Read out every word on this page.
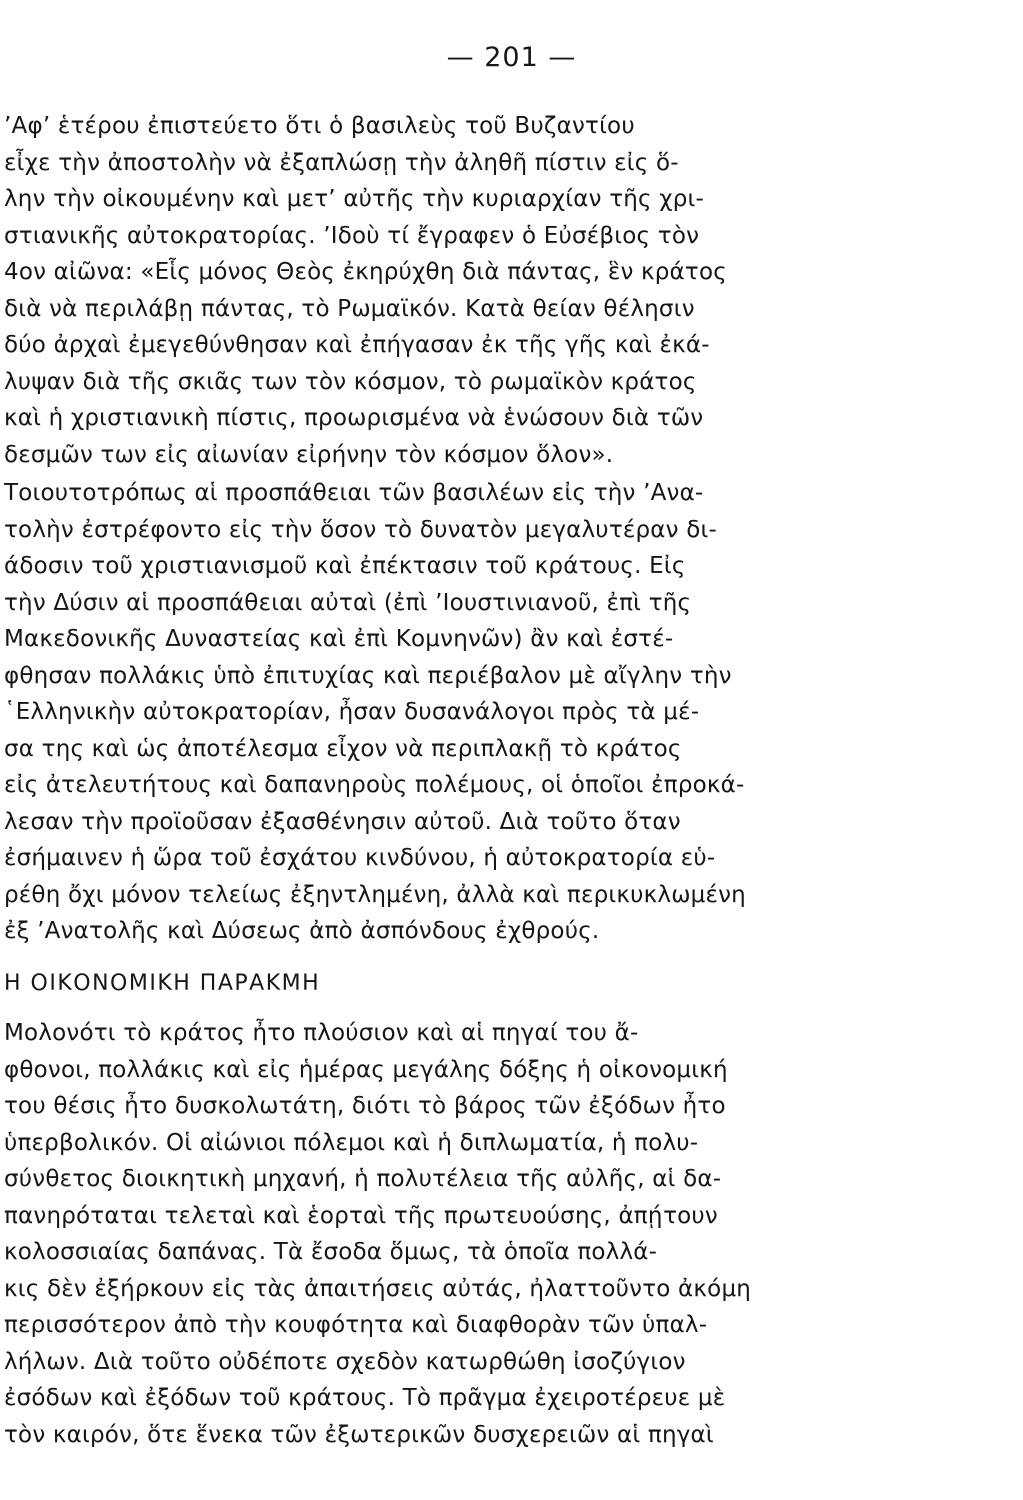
— 201 —
’Αφ’ ἑτέρου ἐπιστεύετο ὅτι ὁ βασιλεὺς τοῦ Βυζαντίου
εἶχε τὴν ἀποστολὴν νὰ ἐξαπλώσῃ τὴν ἀληθῆ πίστιν εἰς ὅ-
λην τὴν οἰκουμένην καὶ μετ’ αὐτῆς τὴν κυριαρχίαν τῆς χρι-
στιανικῆς αὐτοκρατορίας. ’Ιδοὺ τί ἔγραφεν ὁ Εὐσέβιος τὸν
4ον αἰῶνα: «Εἷς μόνος Θεὸς ἐκηρύχθη διὰ πάντας, ἓν κράτος
διὰ νὰ περιλάβῃ πάντας, τὸ Ρωμαϊκόν. Κατὰ θείαν θέλησιν
δύο ἀρχαὶ ἐμεγεθύνθησαν καὶ ἐπήγασαν ἐκ τῆς γῆς καὶ ἐκά-
λυψαν διὰ τῆς σκιᾶς των τὸν κόσμον, τὸ ρωμαϊκὸν κράτος
καὶ ἡ χριστιανικὴ πίστις, προωρισμένα νὰ ἑνώσουν διὰ τῶν
δεσμῶν των εἰς αἰωνίαν εἰρήνην τὸν κόσμον ὅλον».
Τοιουτοτρόπως αἱ προσπάθειαι τῶν βασιλέων εἰς τὴν ’Ανα-
τολὴν ἐστρέφοντο εἰς τὴν ὅσον τὸ δυνατὸν μεγαλυτέραν δι-
άδοσιν τοῦ χριστιανισμοῦ καὶ ἐπέκτασιν τοῦ κράτους. Εἰς
τὴν Δύσιν αἱ προσπάθειαι αὐταὶ (ἐπὶ ’Ιουστινιανοῦ, ἐπὶ τῆς
Μακεδονικῆς Δυναστείας καὶ ἐπὶ Κομνηνῶν) ἂν καὶ ἐστέ-
φθησαν πολλάκις ὑπὸ ἐπιτυχίας καὶ περιέβαλον μὲ αἴγλην τὴν
῾Ελληνικὴν αὐτοκρατορίαν, ἦσαν δυσανάλογοι πρὸς τὰ μέ-
σα της καὶ ὡς ἀποτέλεσμα εἶχον νὰ περιπλακῇ τὸ κράτος
εἰς ἀτελευτήτους καὶ δαπανηροὺς πολέμους, οἱ ὁποῖοι ἐπροκά-
λεσαν τὴν προϊοῦσαν ἐξασθένησιν αὐτοῦ. Διὰ τοῦτο ὅταν
ἐσήμαινεν ἡ ὥρα τοῦ ἐσχάτου κινδύνου, ἡ αὐτοκρατορία εὑ-
ρέθη ὄχι μόνον τελείως ἐξηντλημένη, ἀλλὰ καὶ περικυκλωμένη
ἐξ ’Ανατολῆς καὶ Δύσεως ἀπὸ ἀσπόνδους ἐχθρούς.
Η ΟΙΚΟΝΟΜΙΚΗ ΠΑΡΑΚΜΗ
Μολονότι τὸ κράτος ἦτο πλούσιον καὶ αἱ πηγαί του ἄ-
φθονοι, πολλάκις καὶ εἰς ἡμέρας μεγάλης δόξης ἡ οἰκονομική
του θέσις ἦτο δυσκολωτάτη, διότι τὸ βάρος τῶν ἐξόδων ἦτο
ὑπερβολικόν. Οἱ αἰώνιοι πόλεμοι καὶ ἡ διπλωματία, ἡ πολυ-
σύνθετος διοικητικὴ μηχανή, ἡ πολυτέλεια τῆς αὐλῆς, αἱ δα-
πανηρόταται τελεταὶ καὶ ἑορταὶ τῆς πρωτευούσης, ἀπῄτουν
κολοσσιαίας δαπάνας. Τὰ ἔσοδα ὅμως, τὰ ὁποῖα πολλά-
κις δὲν ἐξήρκουν εἰς τὰς ἀπαιτήσεις αὐτάς, ἠλαττοῦντο ἀκόμη
περισσότερον ἀπὸ τὴν κουφότητα καὶ διαφθορὰν τῶν ὑπαλ-
λήλων. Διὰ τοῦτο οὐδέποτε σχεδὸν κατωρθώθη ἰσοζύγιον
ἐσόδων καὶ ἐξόδων τοῦ κράτους. Τὸ πρᾶγμα ἐχειροτέρευε μὲ
τὸν καιρόν, ὅτε ἕνεκα τῶν ἐξωτερικῶν δυσχερειῶν αἱ πηγαὶ
